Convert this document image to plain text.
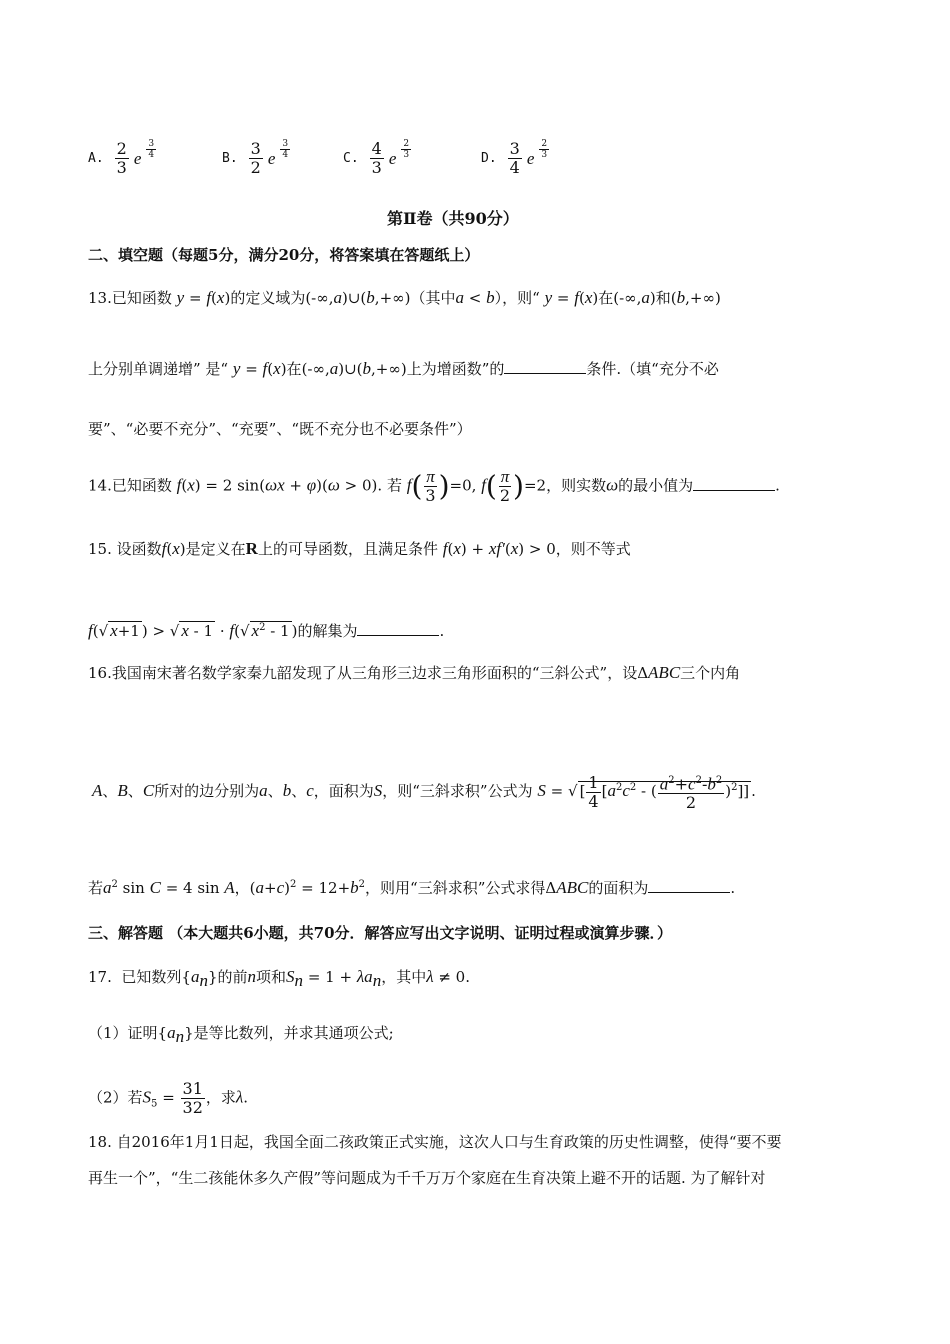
A. $\frac{2}{3}$ e $\frac{3}{4}$	B. $\frac{3}{2}$ e $\frac{3}{4}$	C. $\frac{4}{3}$ e $\frac{2}{3}$	D. $\frac{3}{4}$ e $\frac{2}{3}$
第Ⅱ卷（共90分）
二、填空题（每题5分，满分20分，将答案填在答题纸上）
13.已知函数 y = f(x)的定义域为(-∞,a)∪(b,+∞)（其中a < b），则“ y = f(x)在(-∞,a)和(b,+∞)
上分别单调递增” 是“ y = f(x)在(-∞,a)∪(b,+∞)上为增函数”的	条件.（填“充分不必
要”、“必要不充分”、“充要”、“既不充分也不必要条件”）
14.已知函数 f(x) = 2 sin(ωx + φ)(ω > 0). 若 $f( \frac{\pi}{3} )=0$, $f( \frac{\pi}{2} )=2$，则实数ω的最小值为	.
15. 设函数f(x)是定义在R上的可导函数，且满足条件 f(x) + xf′(x) > 0，则不等式
f(√ x+1 ) > √ x - 1 · f(√ $x^2 - 1$ )的解集为	.
16.我国南宋著名数学家秦九韶发现了从三角形三边求三角形面积的“三斜公式”，设ΔABC三个内角
A、B、C所对的边分别为a、b、c，面积为S，则“三斜求积”公式为 S = √ [ $\frac{1}{4} [a^2c^2$ - ( $\frac{a^2+c^2-b^2}{2} )^2$]] .
若$a^2$ sin C = 4 sin A，$(a+c)^2 = 12+b^2$，则用“三斜求积”公式求得ΔABC的面积为	.
三、解答题 （本大题共6小题，共70分．解答应写出文字说明、证明过程或演算步骤．）
17. 已知数列$\{a_n\}$的前n项和$S_n = 1 + \lambda a_n$，其中λ ≠ 0.
（1）证明$\{a_n\}$是等比数列，并求其通项公式;
（2）若$S_5 = \frac{31}{32}$ ，求λ.
18. 自2016年1月1日起，我国全面二孩政策正式实施，这次人口与生育政策的历史性调整，使得“要不要
再生一个”，“生二孩能休多久产假”等问题成为千千万万个家庭在生育决策上避不开的话题. 为了解针对
